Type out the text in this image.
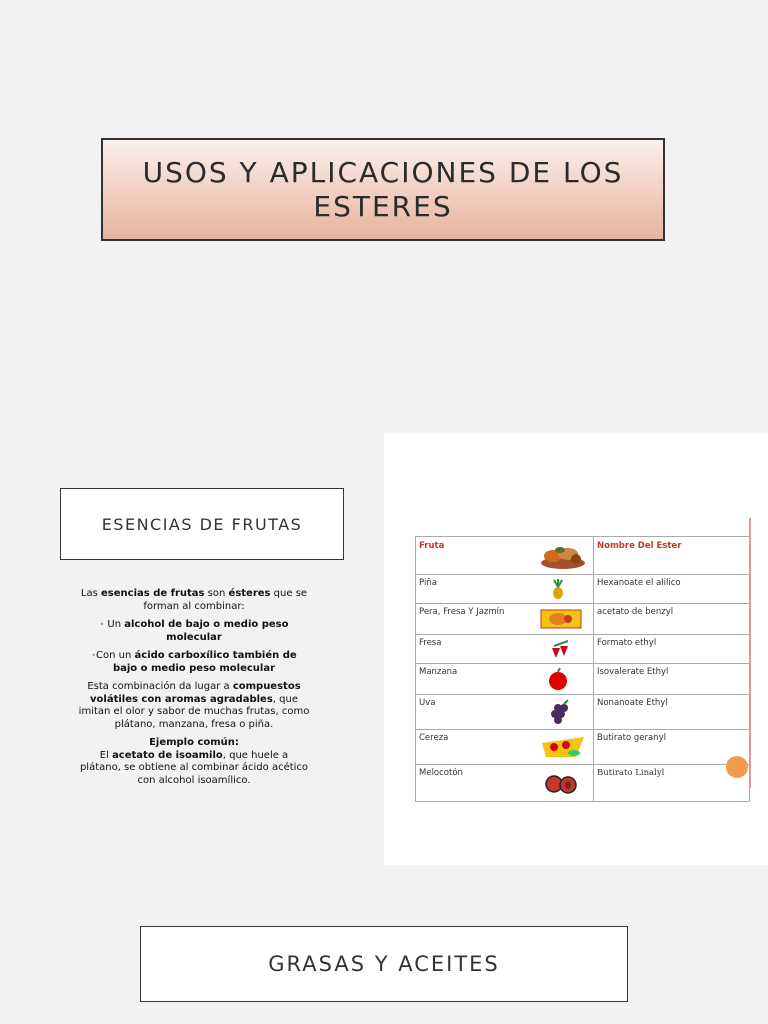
USOS Y APLICACIONES DE LOS ESTERES
ESENCIAS DE FRUTAS

Las esencias de frutas son ésteres que se forman al combinar:

• Un alcohol de bajo o medio peso molecular

•Con un ácido carboxílico también de bajo o medio peso molecular

Esta combinación da lugar a compuestos volátiles con aromas agradables, que imitan el olor y sabor de muchas frutas, como plátano, manzana, fresa o piña.

Ejemplo común:
El acetato de isoamilo, que huele a plátano, se obtiene al combinar ácido acético con alcohol isoamílico.

Fruta		Nombre Del Ester
Piña		Hexanoate el alilico
Pera, Fresa Y Jazmín		acetato de benzyl
Fresa		Formato ethyl
Manzana		Isovalerate Ethyl
Uva		Nonanoate Ethyl
Cereza		Butirato geranyl
Melocotón		Butirato Linalyl
GRASAS Y ACEITES
